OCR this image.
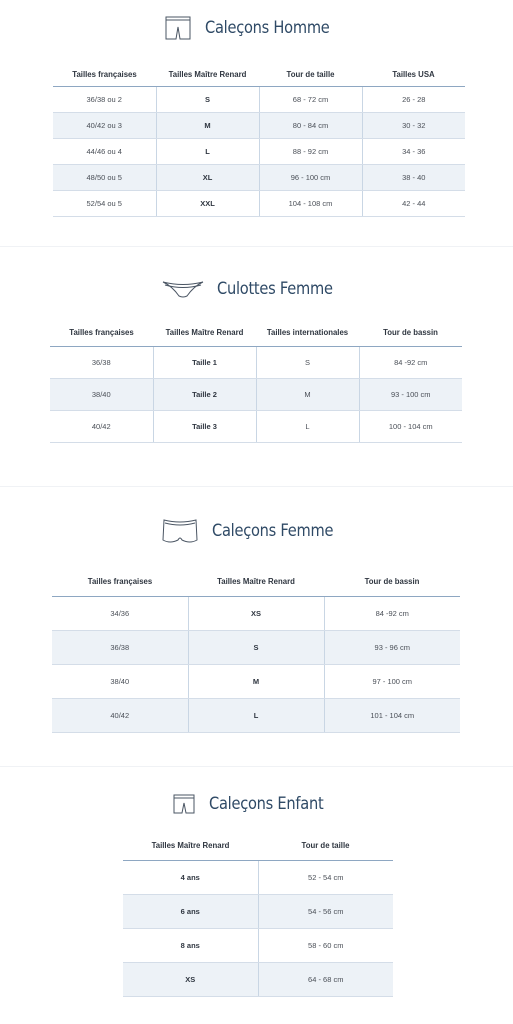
Caleçons Homme
Tailles françaises	Tailles Maître Renard	Tour de taille	Tailles USA
36/38 ou 2	S	68 - 72 cm	26 - 28
40/42 ou 3	M	80 - 84 cm	30 - 32
44/46 ou 4	L	88 - 92 cm	34 - 36
48/50 ou 5	XL	96 - 100 cm	38 - 40
52/54 ou 5	XXL	104 - 108 cm	42 - 44
Culottes Femme
Tailles françaises	Tailles Maître Renard	Tailles internationales	Tour de bassin
36/38	Taille 1	S	84 -92 cm
38/40	Taille 2	M	93 - 100 cm
40/42	Taille 3	L	100 - 104 cm
Caleçons Femme
Tailles françaises	Tailles Maître Renard	Tour de bassin
34/36	XS	84 -92 cm
36/38	S	93 - 96 cm
38/40	M	97 - 100 cm
40/42	L	101 - 104 cm
Caleçons Enfant
Tailles Maître Renard	Tour de taille
4 ans	52 - 54 cm
6 ans	54 - 56 cm
8 ans	58 - 60 cm
XS	64 - 68 cm
